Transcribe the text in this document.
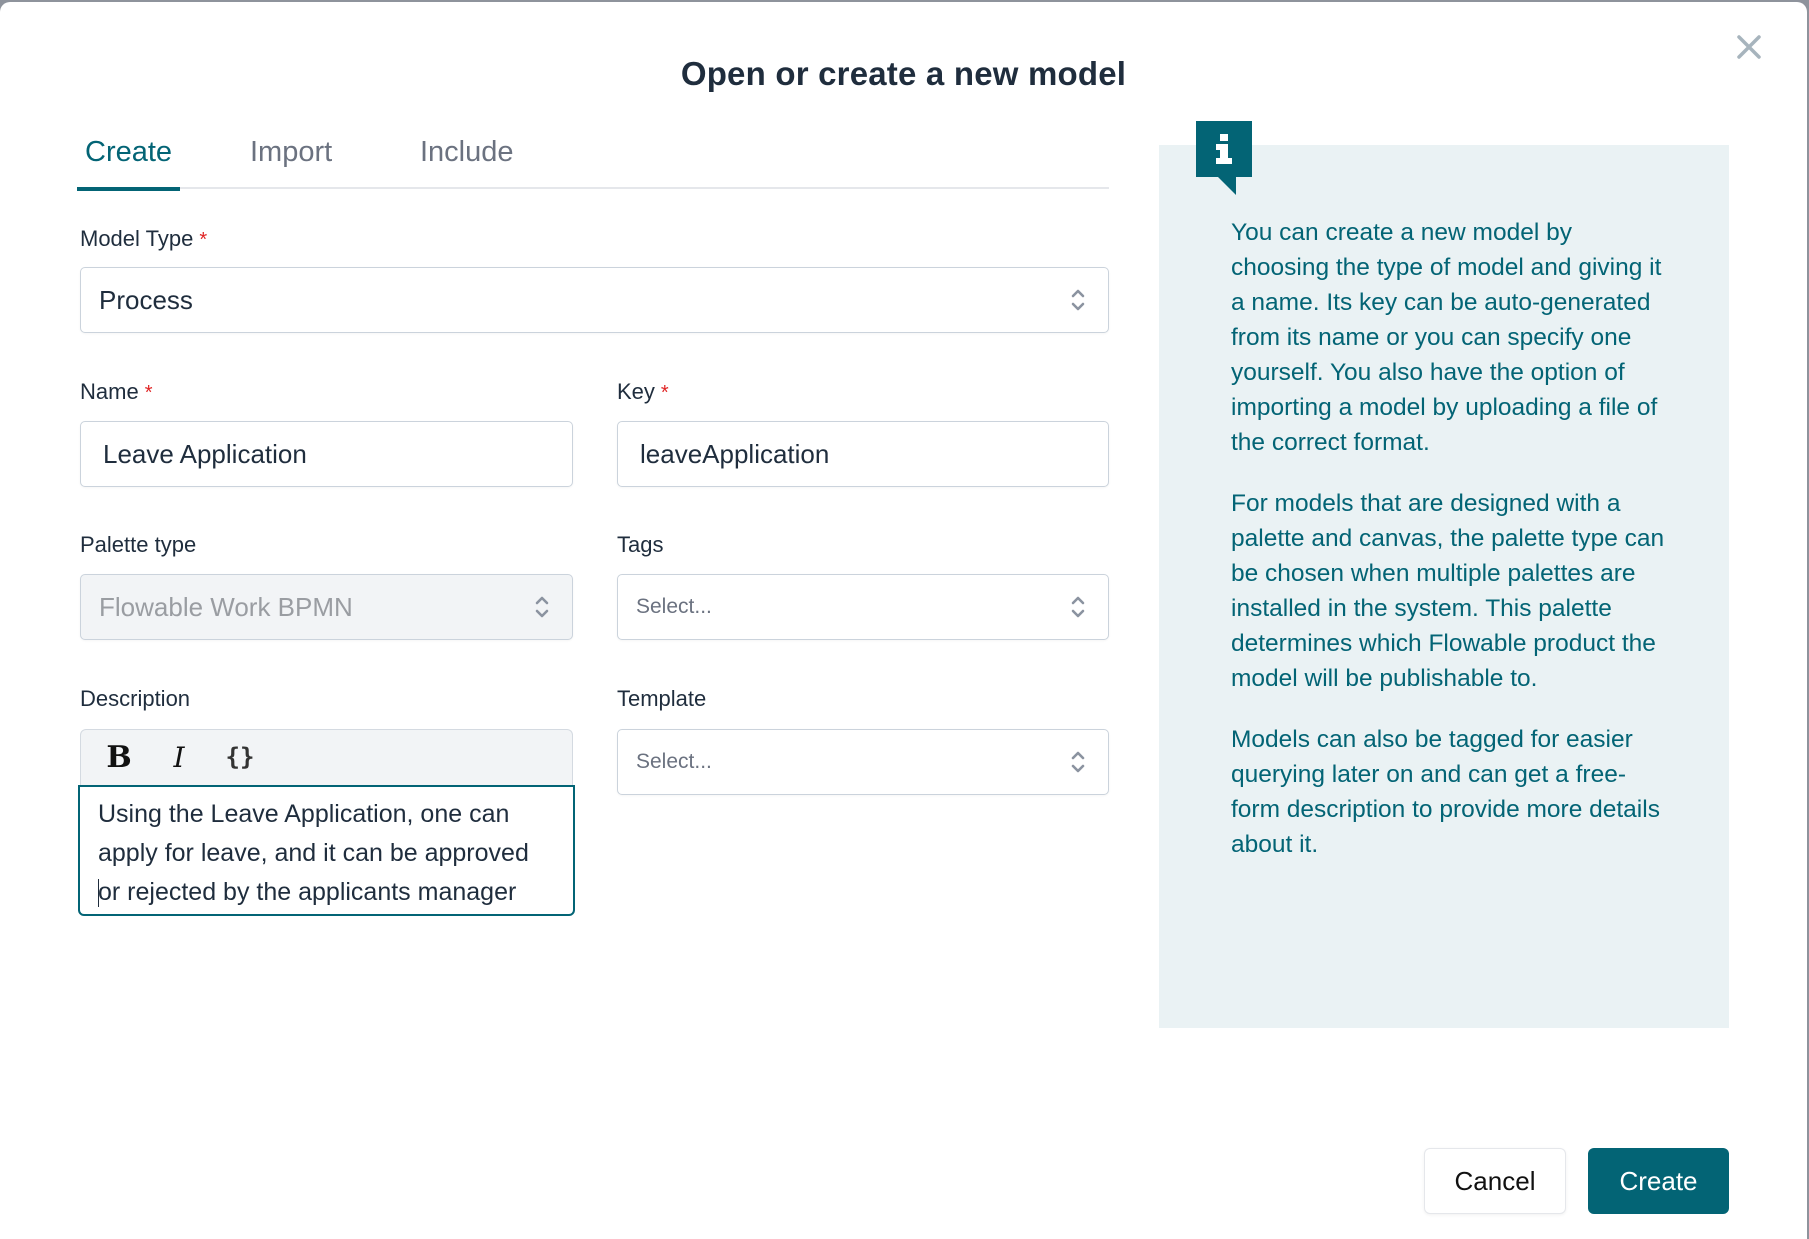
Open or create a new model
Create	Import	Include
Model Type *
Process
Name *
Leave Application
Key *
leaveApplication
Palette type
Flowable Work BPMN
Tags
Select...
Description
B	I	{}
Using the Leave Application, one can
apply for leave, and it can be approved
or rejected by the applicants manager
Template
Select...

You can create a new model by choosing the type of model and giving it a name. Its key can be auto-generated from its name or you can specify one yourself. You also have the option of importing a model by uploading a file of the correct format.

For models that are designed with a palette and canvas, the palette type can be chosen when multiple palettes are installed in the system. This palette determines which Flowable product the model will be publishable to.

Models can also be tagged for easier querying later on and can get a free-form description to provide more details about it.

Cancel	Create
